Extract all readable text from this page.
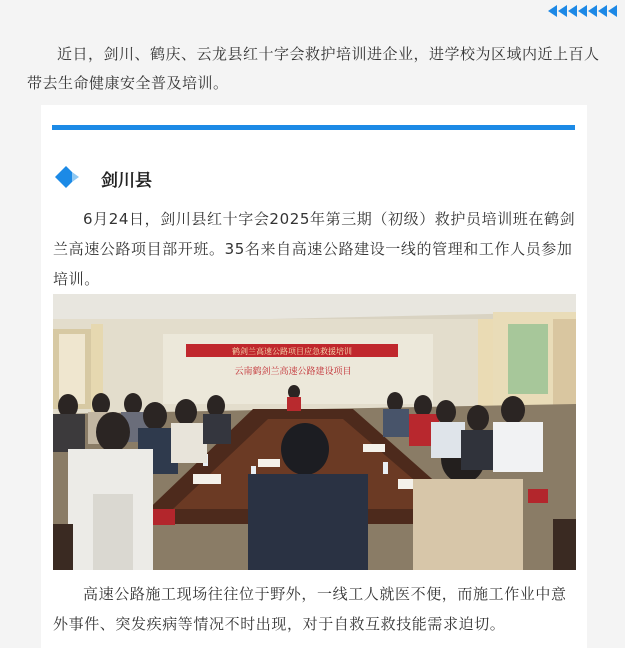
近日，剑川、鹤庆、云龙县红十字会救护培训进企业，进学校为区域内近上百人带去生命健康安全普及培训。

剑川县

6月24日，剑川县红十字会2025年第三期（初级）救护员培训班在鹤剑兰高速公路项目部开班。35名来自高速公路建设一线的管理和工作人员参加培训。

鹤剑兰高速公路项目应急救援培训
云南鹤剑兰高速公路建设项目

高速公路施工现场往往位于野外，一线工人就医不便，而施工作业中意外事件、突发疾病等情况不时出现，对于自救互救技能需求迫切。
